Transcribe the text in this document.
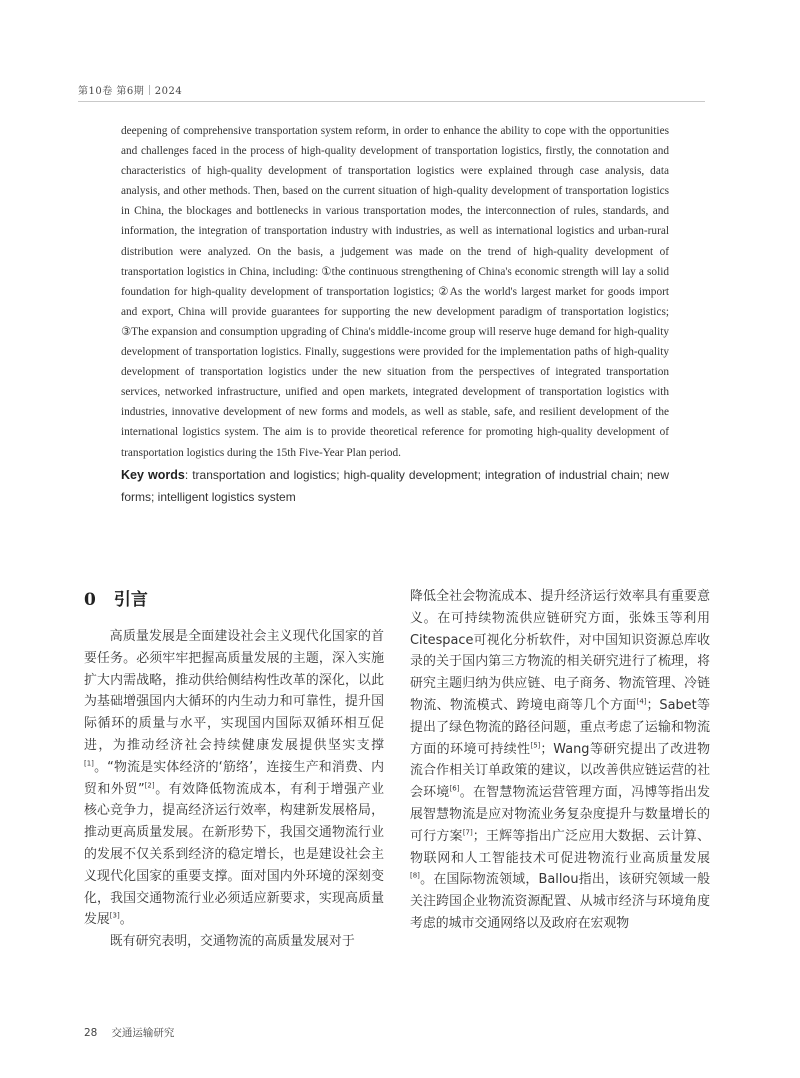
第10卷 第6期｜2024

deepening of comprehensive transportation system reform, in order to enhance the ability to cope with the opportunities and challenges faced in the process of high-quality development of transportation logistics, firstly, the connotation and characteristics of high-quality development of transportation logistics were explained through case analysis, data analysis, and other methods. Then, based on the current situation of high-quality development of transportation logistics in China, the blockages and bottlenecks in various transportation modes, the interconnection of rules, standards, and information, the integration of transportation industry with industries, as well as international logistics and urban-rural distribution were analyzed. On the basis, a judgement was made on the trend of high-quality development of transportation logistics in China, including: ①the continuous strengthening of China's economic strength will lay a solid foundation for high-quality development of transportation logistics; ②As the world's largest market for goods import and export, China will provide guarantees for supporting the new development paradigm of transportation logistics; ③The expansion and consumption upgrading of China's middle-income group will reserve huge demand for high-quality development of transportation logistics. Finally, suggestions were provided for the implementation paths of high-quality development of transportation logistics under the new situation from the perspectives of integrated transportation services, networked infrastructure, unified and open markets, integrated development of transportation logistics with industries, innovative development of new forms and models, as well as stable, safe, and resilient development of the international logistics system. The aim is to provide theoretical reference for promoting high-quality development of transportation logistics during the 15th Five-Year Plan period.

Key words: transportation and logistics; high-quality development; integration of industrial chain; new forms; intelligent logistics system

0 引言

高质量发展是全面建设社会主义现代化国家的首要任务。必须牢牢把握高质量发展的主题，深入实施扩大内需战略，推动供给侧结构性改革的深化，以此为基础增强国内大循环的内生动力和可靠性，提升国际循环的质量与水平，实现国内国际双循环相互促进，为推动经济社会持续健康发展提供坚实支撑[1]。“物流是实体经济的‘筋络’，连接生产和消费、内贸和外贸”[2]。有效降低物流成本，有利于增强产业核心竞争力，提高经济运行效率，构建新发展格局，推动更高质量发展。在新形势下，我国交通物流行业的发展不仅关系到经济的稳定增长，也是建设社会主义现代化国家的重要支撑。面对国内外环境的深刻变化，我国交通物流行业必须适应新要求，实现高质量发展[3]。

既有研究表明，交通物流的高质量发展对于

降低全社会物流成本、提升经济运行效率具有重要意义。在可持续物流供应链研究方面，张姝玉等利用Citespace可视化分析软件，对中国知识资源总库收录的关于国内第三方物流的相关研究进行了梳理，将研究主题归纳为供应链、电子商务、物流管理、冷链物流、物流模式、跨境电商等几个方面[4]；Sabet等提出了绿色物流的路径问题，重点考虑了运输和物流方面的环境可持续性[5]；Wang等研究提出了改进物流合作相关订单政策的建议，以改善供应链运营的社会环境[6]。在智慧物流运营管理方面，冯博等指出发展智慧物流是应对物流业务复杂度提升与数量增长的可行方案[7]；王辉等指出广泛应用大数据、云计算、物联网和人工智能技术可促进物流行业高质量发展[8]。在国际物流领域，Ballou指出，该研究领域一般关注跨国企业物流资源配置、从城市经济与环境角度考虑的城市交通网络以及政府在宏观物

28 交通运输研究
